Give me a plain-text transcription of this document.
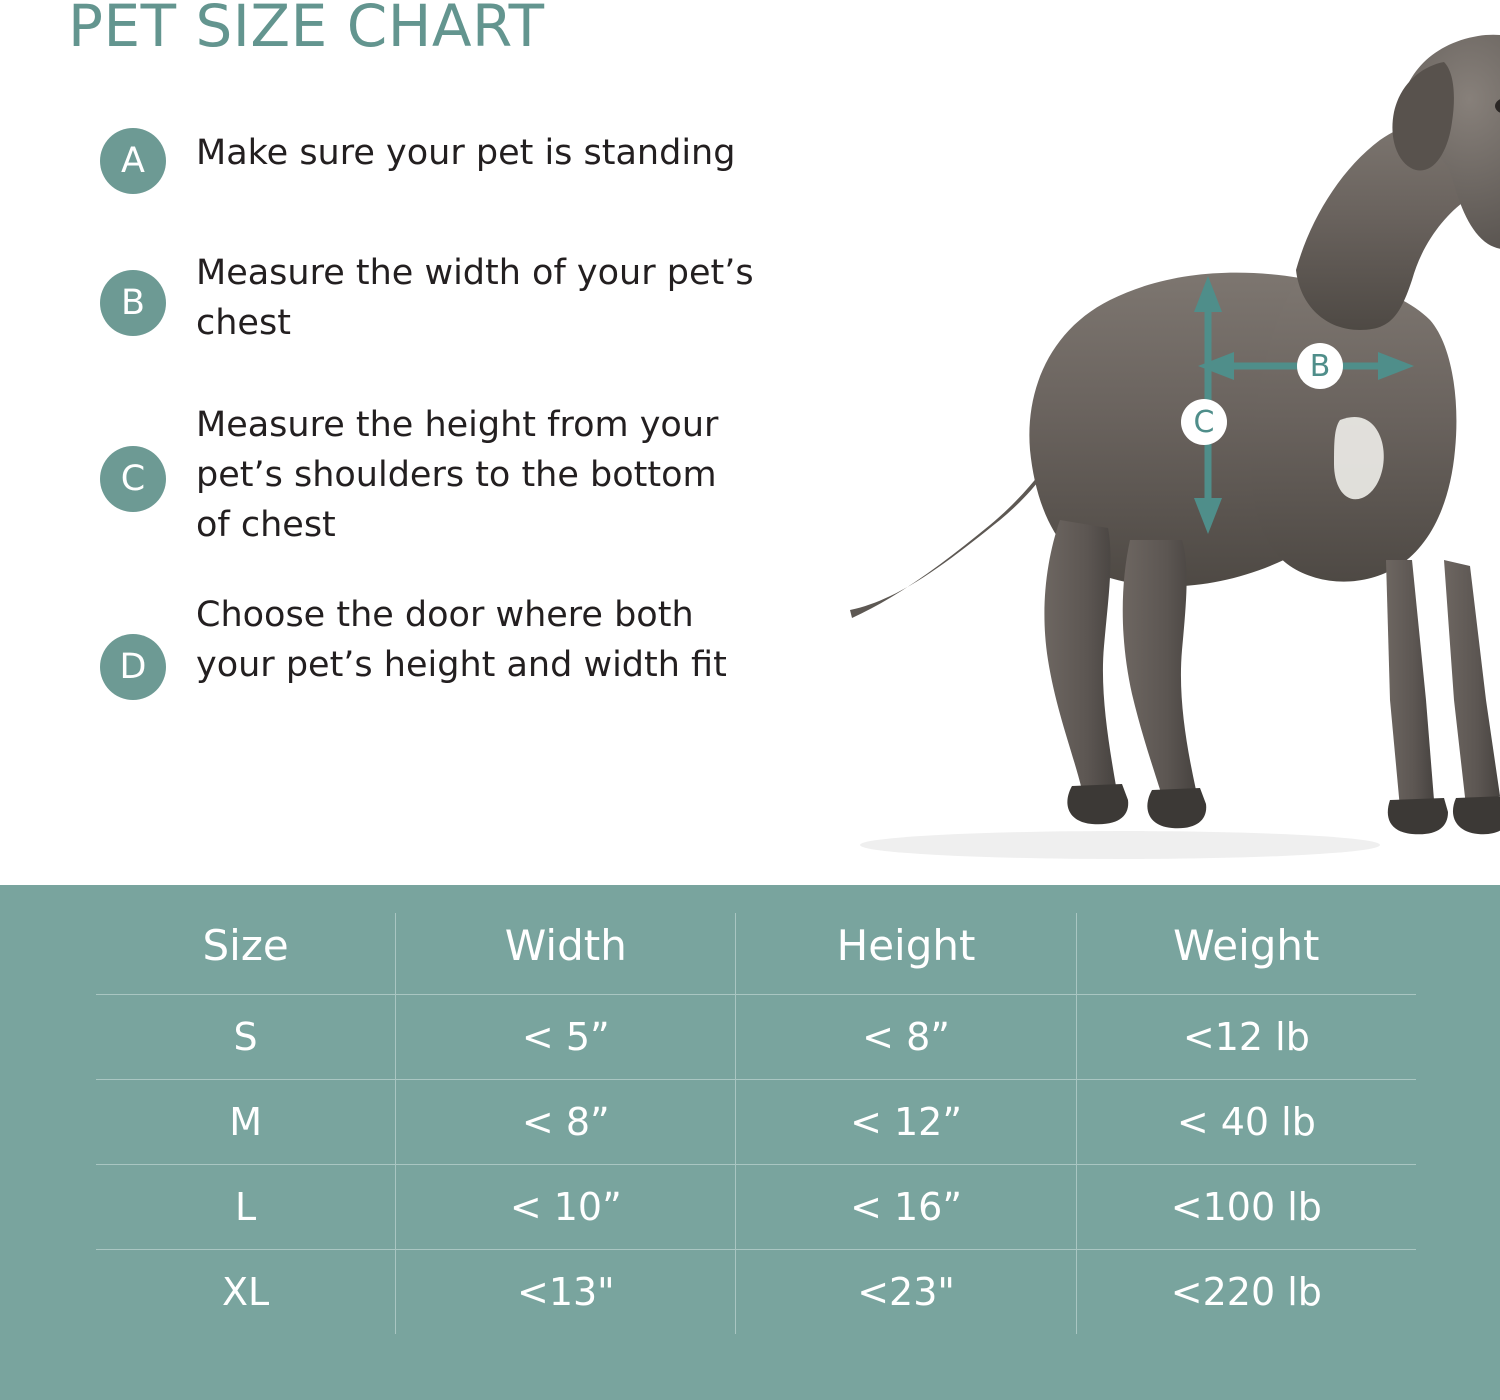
PET SIZE CHART
A	Make sure your pet is standing
B
Measure the width of your pet’s chest
C
Measure the height from your pet’s shoulders to the bottom of chest
D
Choose the door where both your pet’s height and width fit
B
C
Size	Width	Height	Weight
S	< 5”	< 8”	<12 lb
M	< 8”	< 12”	< 40 lb
L	< 10”	< 16”	<100 lb
XL	<13"	<23"	<220 lb
